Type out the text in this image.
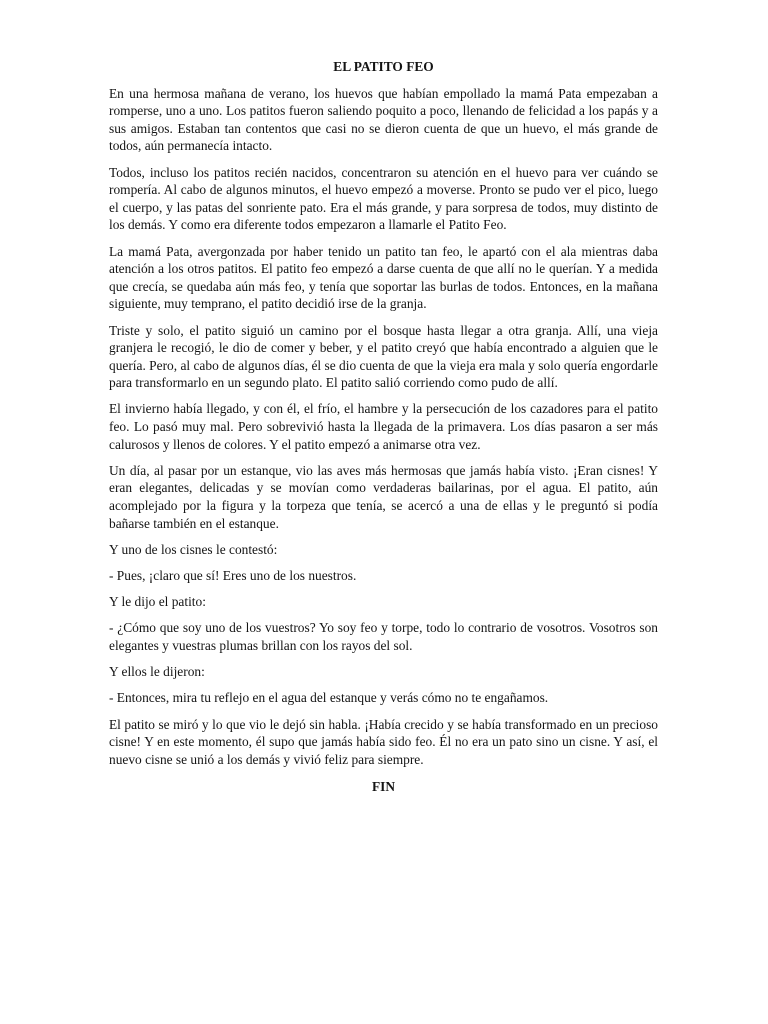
EL PATITO FEO

En una hermosa mañana de verano, los huevos que habían empollado la mamá Pata empezaban a romperse, uno a uno. Los patitos fueron saliendo poquito a poco, llenando de felicidad a los papás y a sus amigos. Estaban tan contentos que casi no se dieron cuenta de que un huevo, el más grande de todos, aún permanecía intacto.

Todos, incluso los patitos recién nacidos, concentraron su atención en el huevo para ver cuándo se rompería. Al cabo de algunos minutos, el huevo empezó a moverse. Pronto se pudo ver el pico, luego el cuerpo, y las patas del sonriente pato. Era el más grande, y para sorpresa de todos, muy distinto de los demás. Y como era diferente todos empezaron a llamarle el Patito Feo.

La mamá Pata, avergonzada por haber tenido un patito tan feo, le apartó con el ala mientras daba atención a los otros patitos. El patito feo empezó a darse cuenta de que allí no le querían. Y a medida que crecía, se quedaba aún más feo, y tenía que soportar las burlas de todos. Entonces, en la mañana siguiente, muy temprano, el patito decidió irse de la granja.

Triste y solo, el patito siguió un camino por el bosque hasta llegar a otra granja. Allí, una vieja granjera le recogió, le dio de comer y beber, y el patito creyó que había encontrado a alguien que le quería. Pero, al cabo de algunos días, él se dio cuenta de que la vieja era mala y solo quería engordarle para transformarlo en un segundo plato. El patito salió corriendo como pudo de allí.

El invierno había llegado, y con él, el frío, el hambre y la persecución de los cazadores para el patito feo. Lo pasó muy mal. Pero sobrevivió hasta la llegada de la primavera. Los días pasaron a ser más calurosos y llenos de colores. Y el patito empezó a animarse otra vez.

Un día, al pasar por un estanque, vio las aves más hermosas que jamás había visto. ¡Eran cisnes! Y eran elegantes, delicadas y se movían como verdaderas bailarinas, por el agua. El patito, aún acomplejado por la figura y la torpeza que tenía, se acercó a una de ellas y le preguntó si podía bañarse también en el estanque.

Y uno de los cisnes le contestó:

- Pues, ¡claro que sí! Eres uno de los nuestros.

Y le dijo el patito:

- ¿Cómo que soy uno de los vuestros? Yo soy feo y torpe, todo lo contrario de vosotros. Vosotros son elegantes y vuestras plumas brillan con los rayos del sol.

Y ellos le dijeron:

- Entonces, mira tu reflejo en el agua del estanque y verás cómo no te engañamos.

El patito se miró y lo que vio le dejó sin habla. ¡Había crecido y se había transformado en un precioso cisne! Y en este momento, él supo que jamás había sido feo. Él no era un pato sino un cisne. Y así, el nuevo cisne se unió a los demás y vivió feliz para siempre.

FIN
